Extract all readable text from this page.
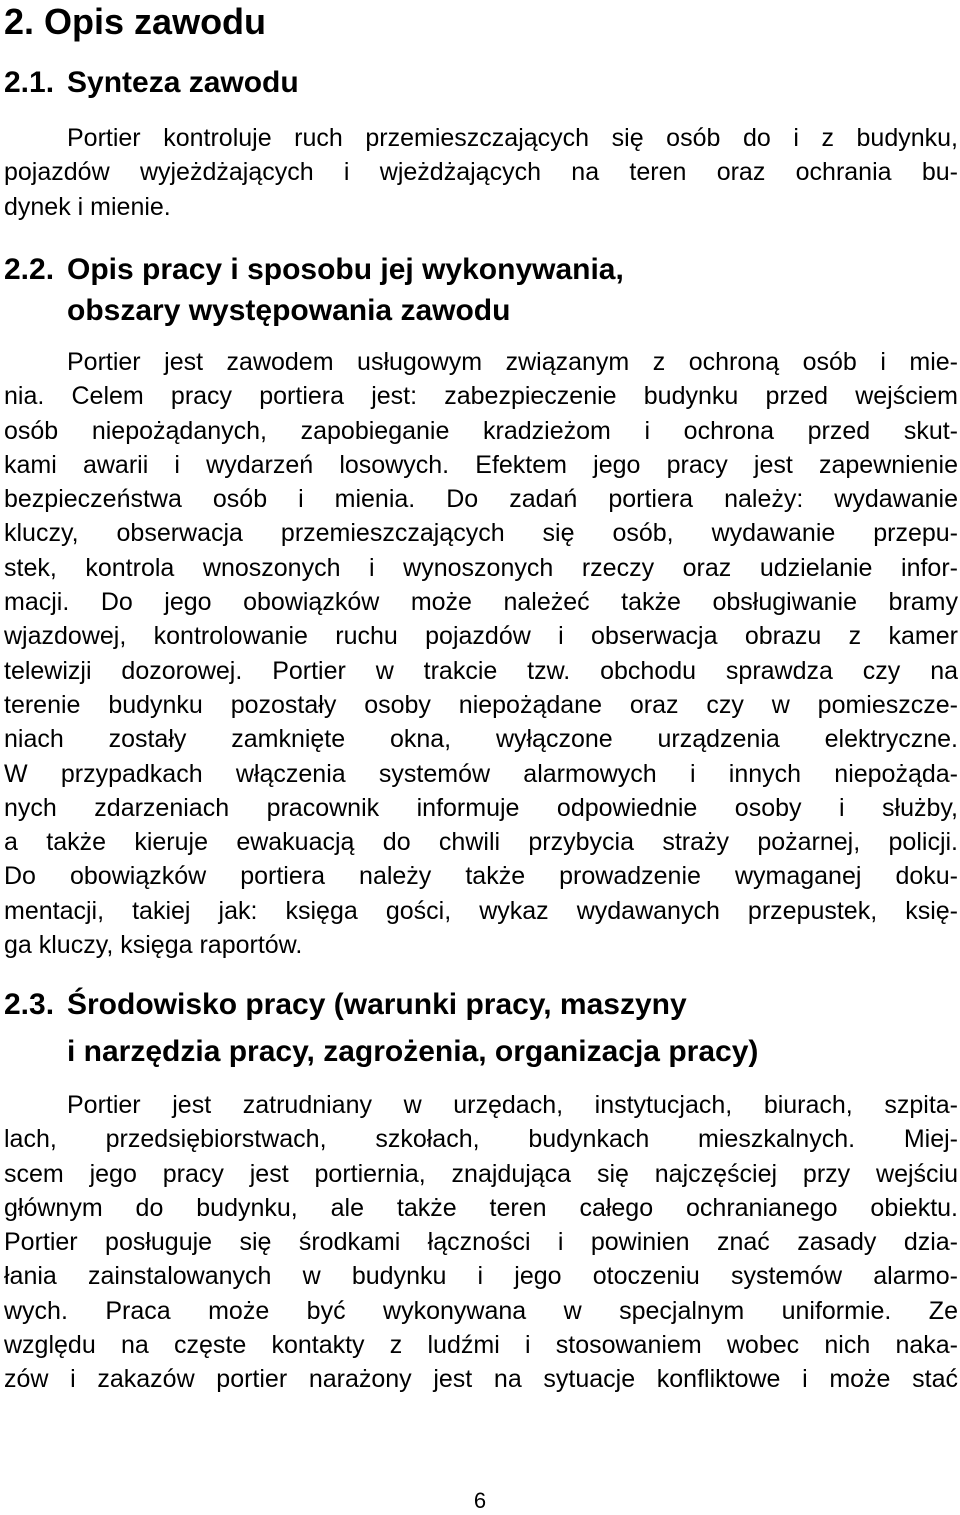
2. Opis zawodu
2.1. Synteza zawodu
Portier kontroluje ruch przemieszczających się osób do i z budynku,
pojazdów wyjeżdżających i wjeżdżających na teren oraz ochrania bu-
dynek i mienie.
2.2. Opis pracy i sposobu jej wykonywania,
obszary występowania zawodu
Portier jest zawodem usługowym związanym z ochroną osób i mie-
nia. Celem pracy portiera jest: zabezpieczenie budynku przed wejściem
osób niepożądanych, zapobieganie kradzieżom i ochrona przed skut-
kami awarii i wydarzeń losowych. Efektem jego pracy jest zapewnienie
bezpieczeństwa osób i mienia. Do zadań portiera należy: wydawanie
kluczy, obserwacja przemieszczających się osób, wydawanie przepu-
stek, kontrola wnoszonych i wynoszonych rzeczy oraz udzielanie infor-
macji. Do jego obowiązków może należeć także obsługiwanie bramy
wjazdowej, kontrolowanie ruchu pojazdów i obserwacja obrazu z kamer
telewizji dozorowej. Portier w trakcie tzw. obchodu sprawdza czy na
terenie budynku pozostały osoby niepożądane oraz czy w pomieszcze-
niach zostały zamknięte okna, wyłączone urządzenia elektryczne.
W przypadkach włączenia systemów alarmowych i innych niepożąda-
nych zdarzeniach pracownik informuje odpowiednie osoby i służby,
a także kieruje ewakuacją do chwili przybycia straży pożarnej, policji.
Do obowiązków portiera należy także prowadzenie wymaganej doku-
mentacji, takiej jak: księga gości, wykaz wydawanych przepustek, księ-
ga kluczy, księga raportów.
2.3. Środowisko pracy (warunki pracy, maszyny
i narzędzia pracy, zagrożenia, organizacja pracy)
Portier jest zatrudniany w urzędach, instytucjach, biurach, szpita-
lach, przedsiębiorstwach, szkołach, budynkach mieszkalnych. Miej-
scem jego pracy jest portiernia, znajdująca się najczęściej przy wejściu
głównym do budynku, ale także teren całego ochranianego obiektu.
Portier posługuje się środkami łączności i powinien znać zasady dzia-
łania zainstalowanych w budynku i jego otoczeniu systemów alarmo-
wych. Praca może być wykonywana w specjalnym uniformie. Ze
względu na częste kontakty z ludźmi i stosowaniem wobec nich naka-
zów i zakazów portier narażony jest na sytuacje konfliktowe i może stać
6
